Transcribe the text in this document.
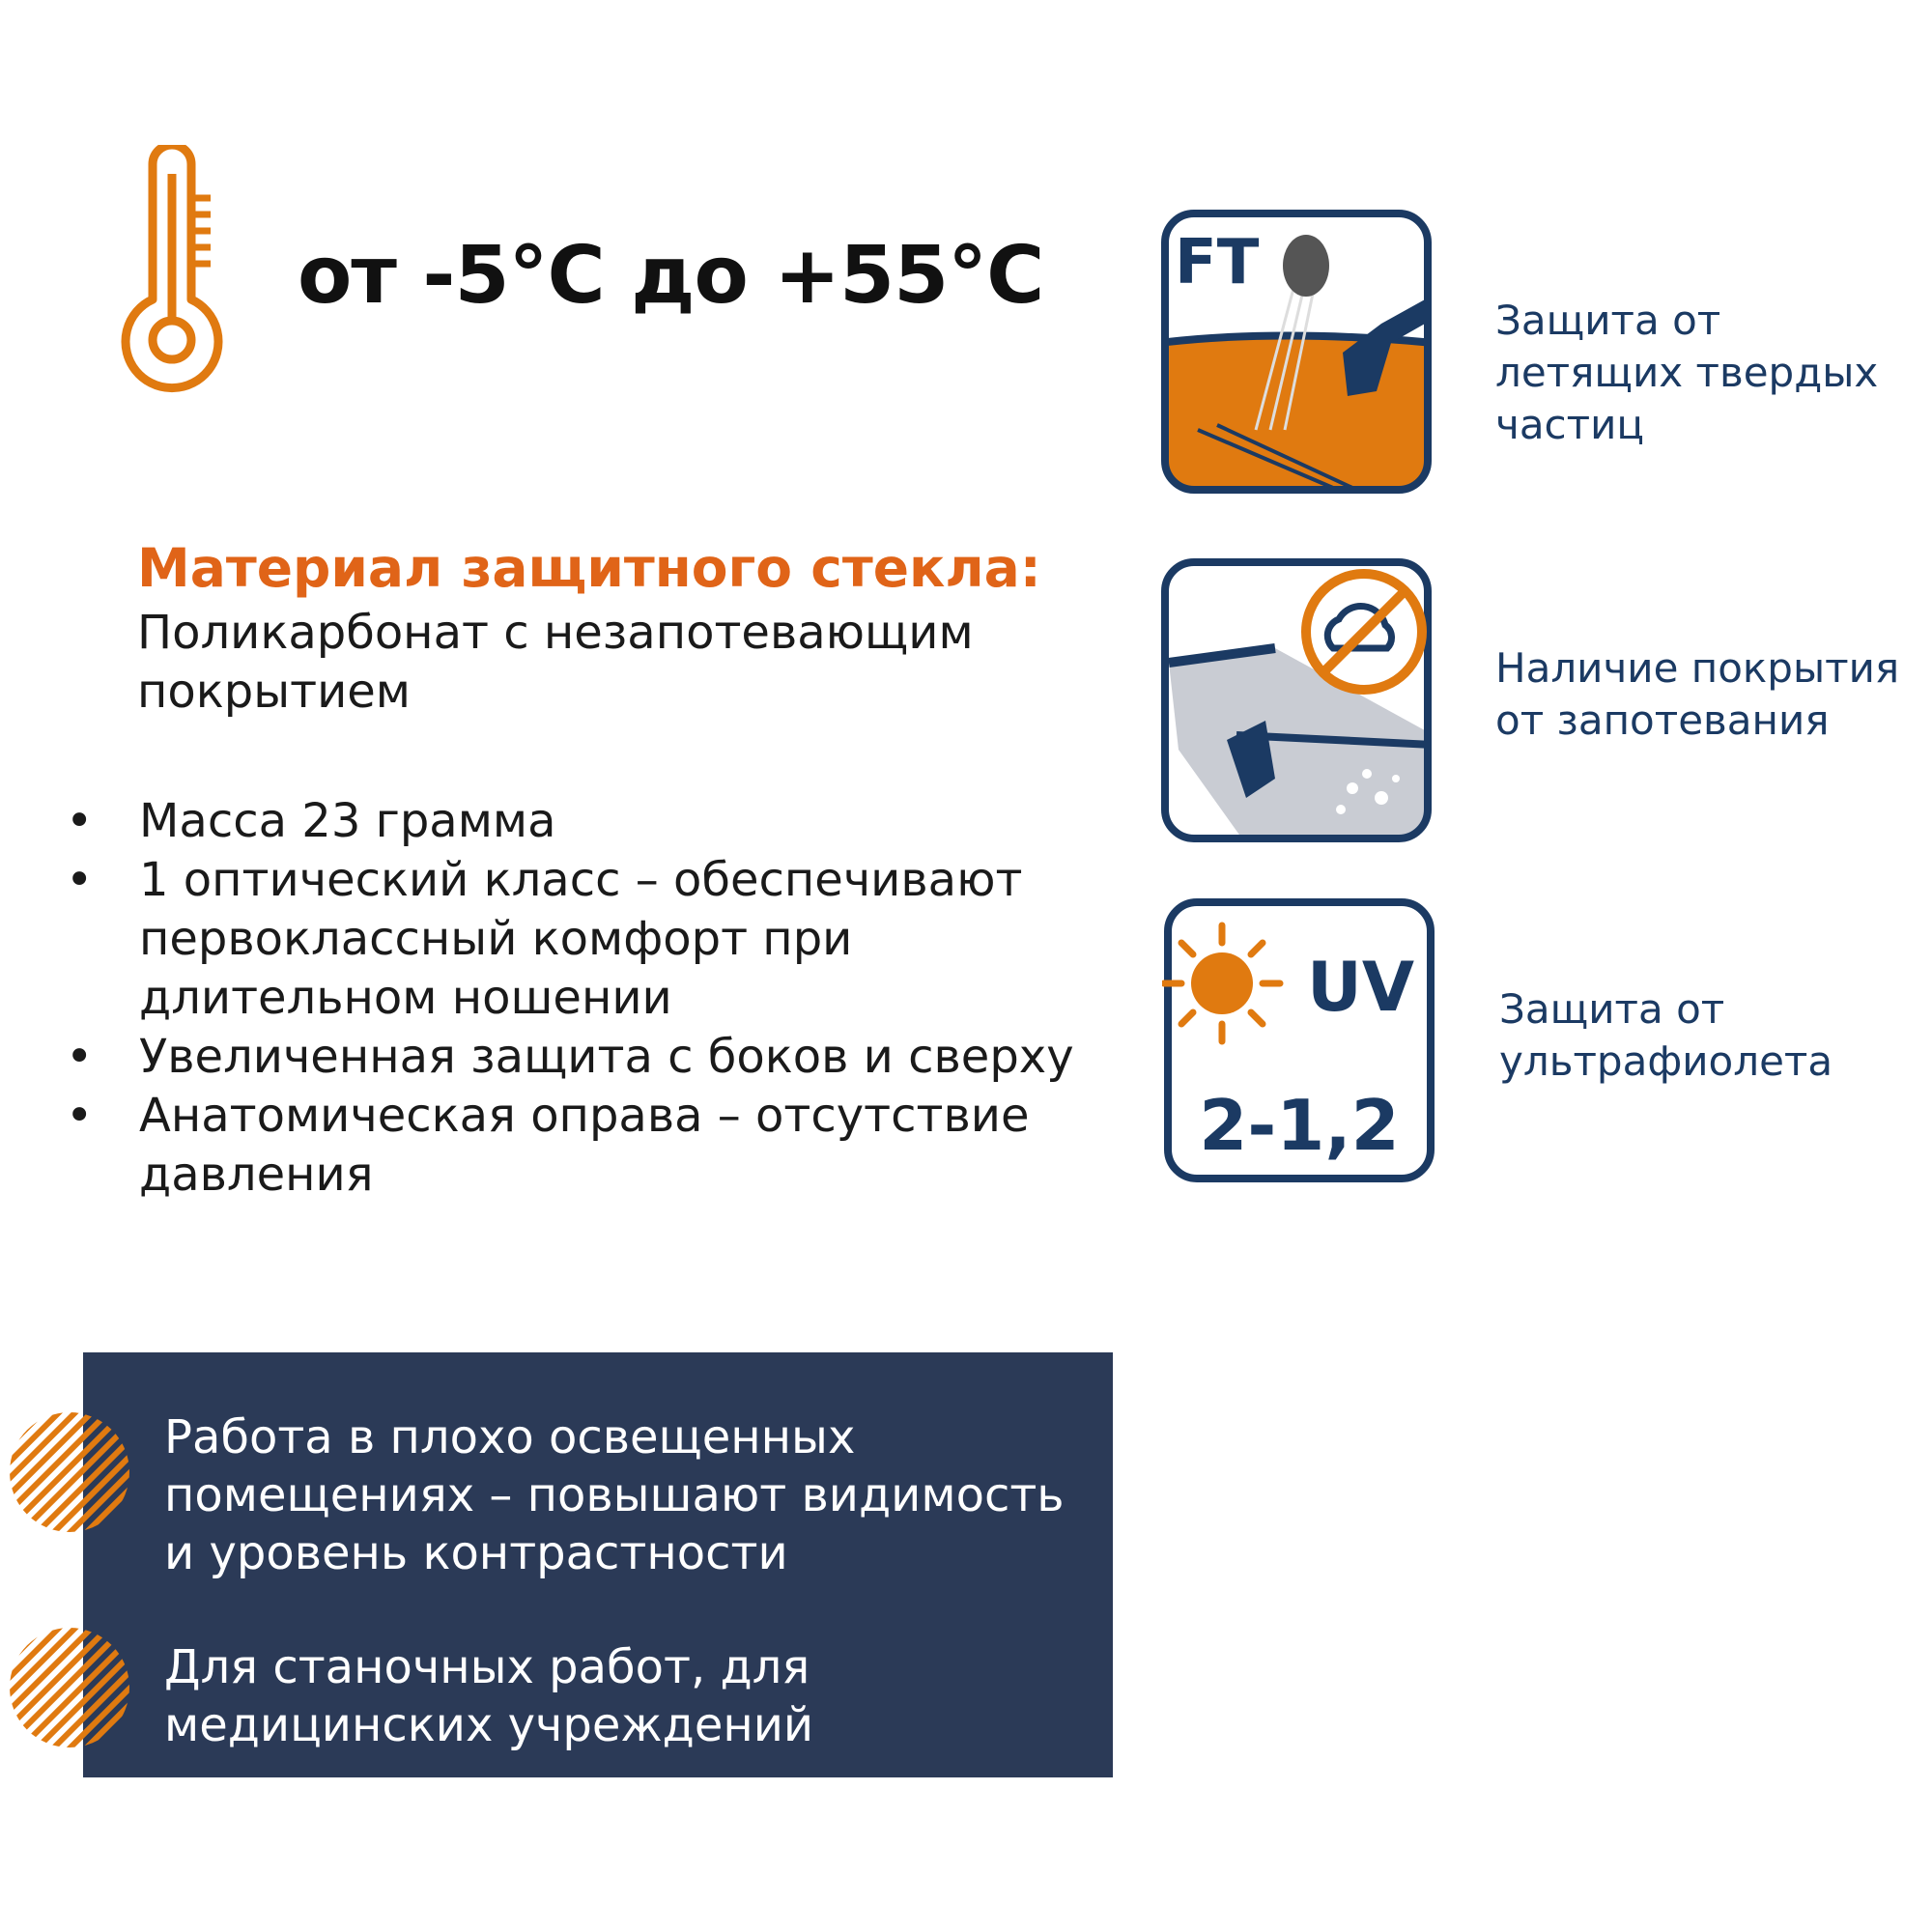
от -5°C до +55°C
Материал защитного стекла:
Поликарбонат с незапотевающим покрытием
• Масса 23 грамма
• 1 оптический класс – обеспечивают первоклассный комфорт при длительном ношении
• Увеличенная защита с боков и сверху
• Анатомическая оправа – отсутствие давления
FT
Защита от летящих твердых частиц
Наличие покрытия от запотевания
UV
2-1,2
Защита от ультрафиолета
Работа в плохо освещенных помещениях – повышают видимость и уровень контрастности
Для станочных работ, для медицинских учреждений
